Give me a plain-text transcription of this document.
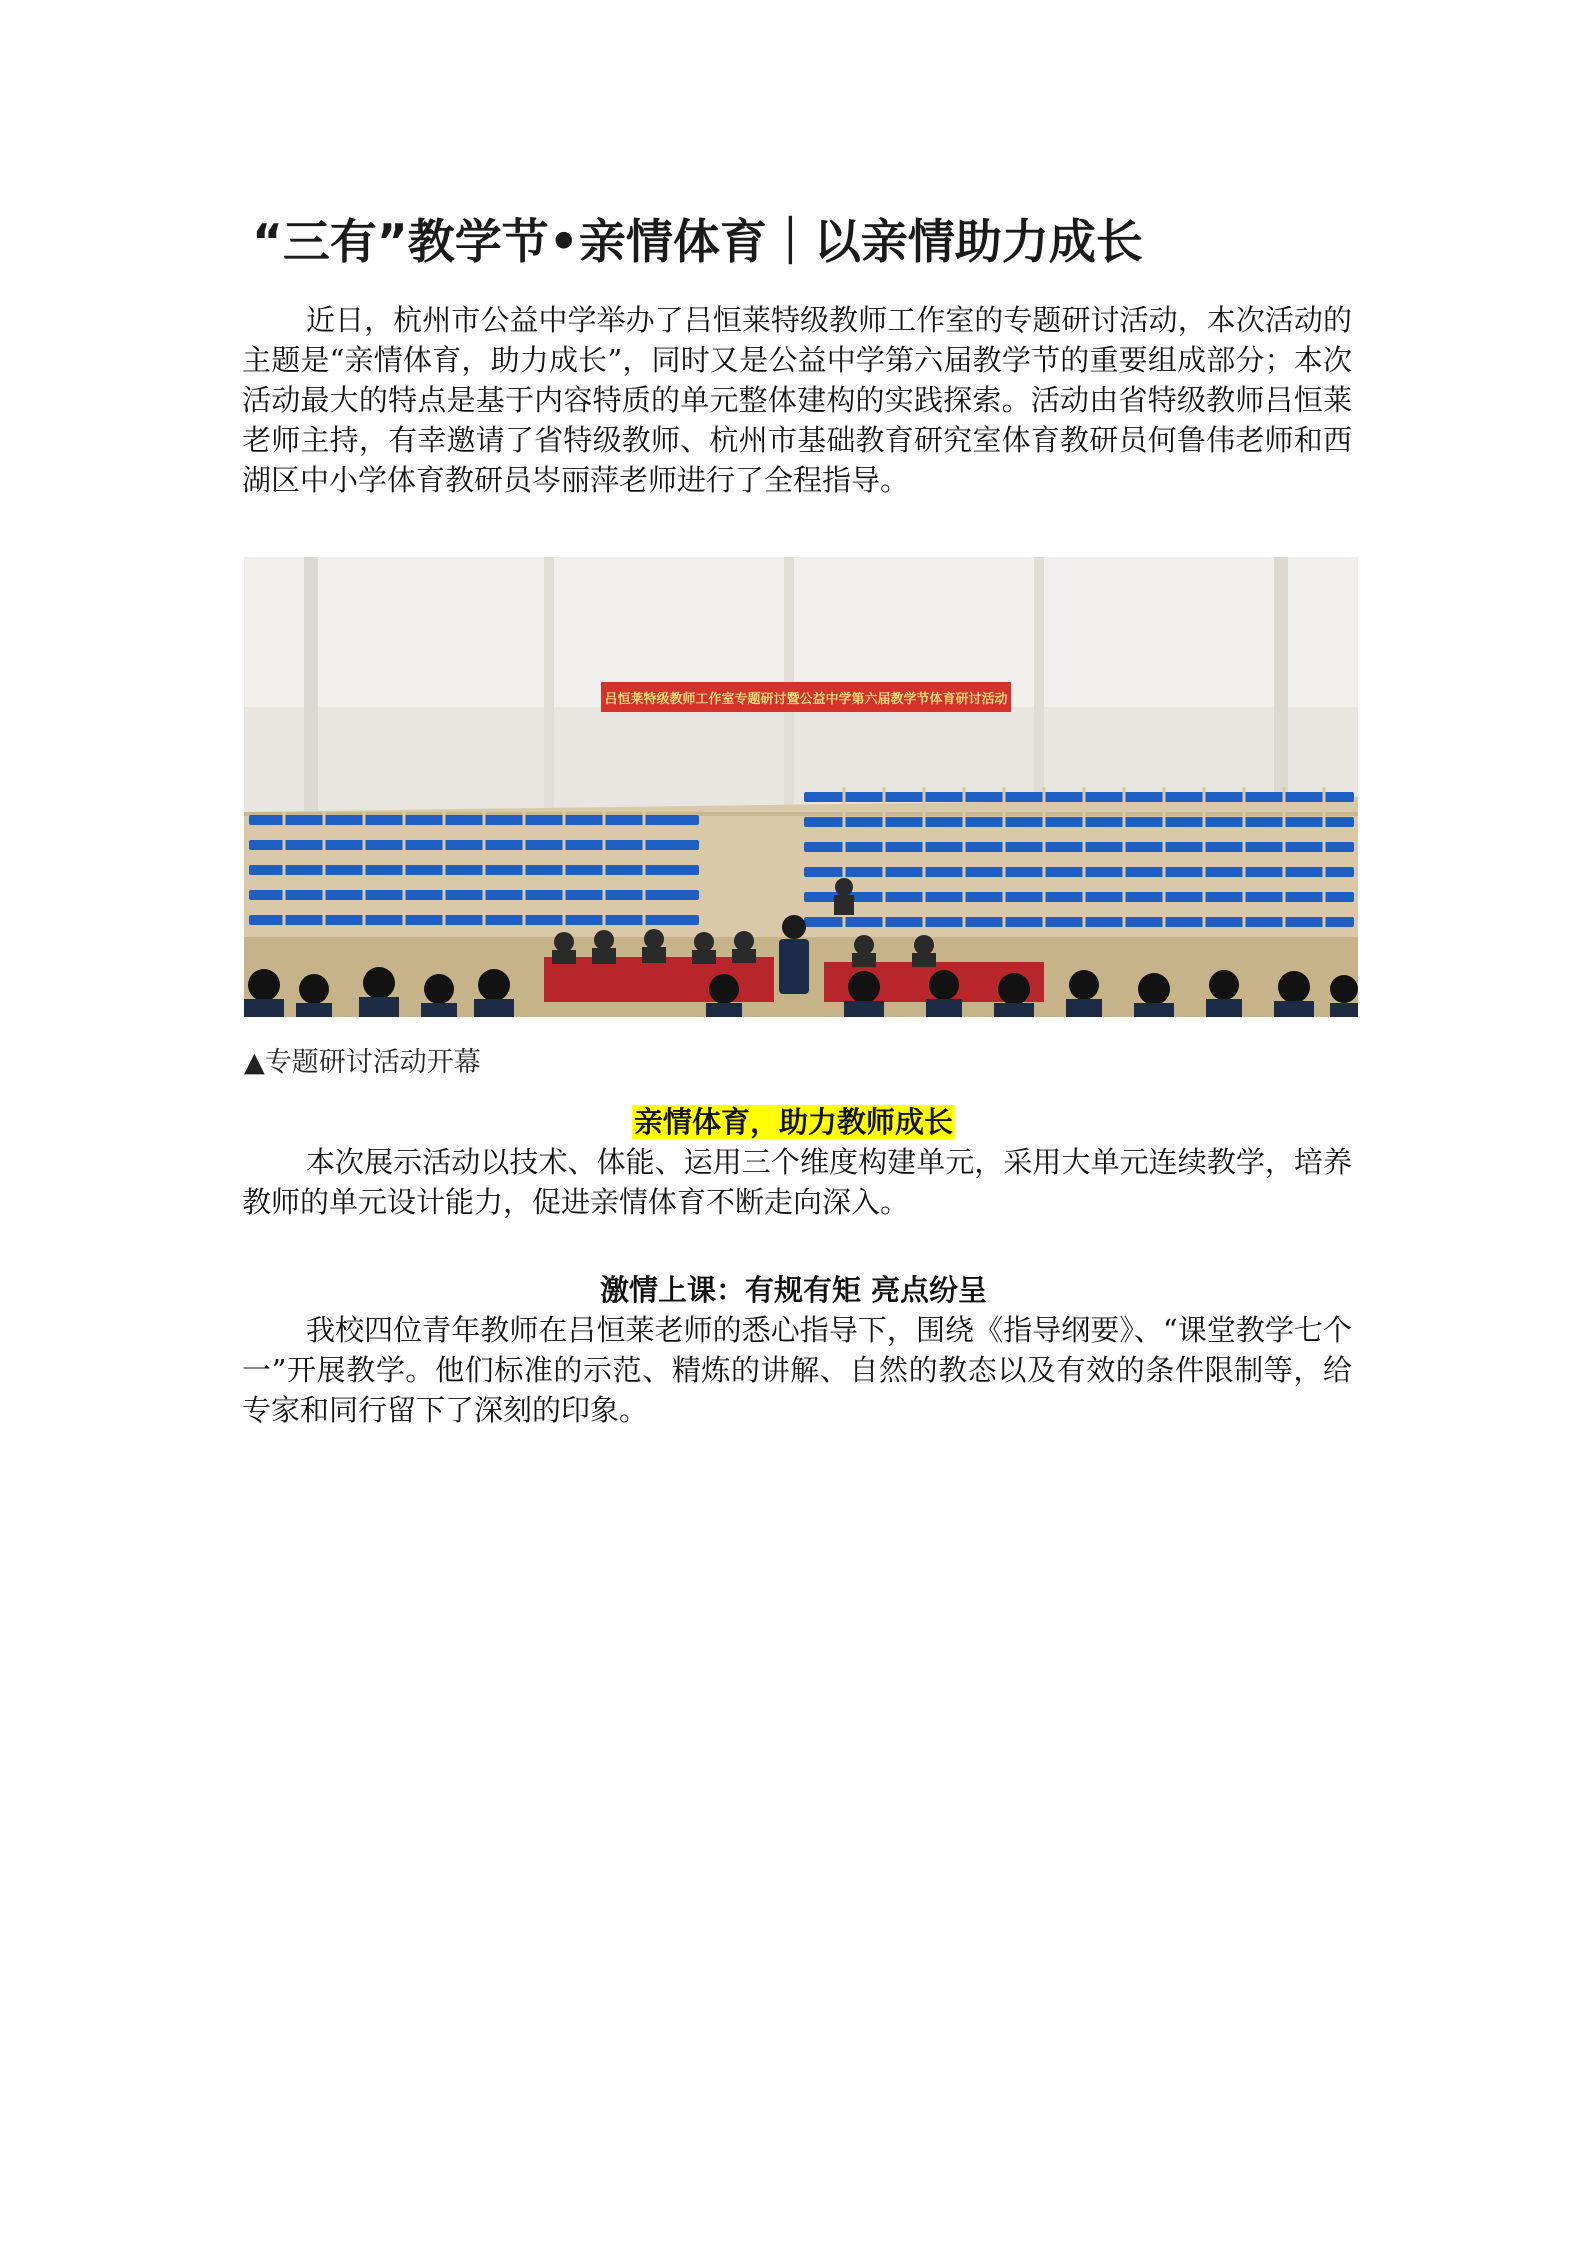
“三有”教学节•亲情体育｜以亲情助力成长

近日，杭州市公益中学举办了吕恒莱特级教师工作室的专题研讨活动，本次活动的主题是“亲情体育，助力成长”，同时又是公益中学第六届教学节的重要组成部分；本次活动最大的特点是基于内容特质的单元整体建构的实践探索。活动由省特级教师吕恒莱老师主持，有幸邀请了省特级教师、杭州市基础教育研究室体育教研员何鲁伟老师和西湖区中小学体育教研员岑丽萍老师进行了全程指导。

吕恒莱特级教师工作室专题研讨暨公益中学第六届教学节体育研讨活动

▲专题研讨活动开幕

亲情体育，助力教师成长

本次展示活动以技术、体能、运用三个维度构建单元，采用大单元连续教学，培养教师的单元设计能力，促进亲情体育不断走向深入。

激情上课：有规有矩 亮点纷呈

我校四位青年教师在吕恒莱老师的悉心指导下，围绕《指导纲要》、“课堂教学七个一”开展教学。他们标准的示范、精炼的讲解、自然的教态以及有效的条件限制等，给专家和同行留下了深刻的印象。
